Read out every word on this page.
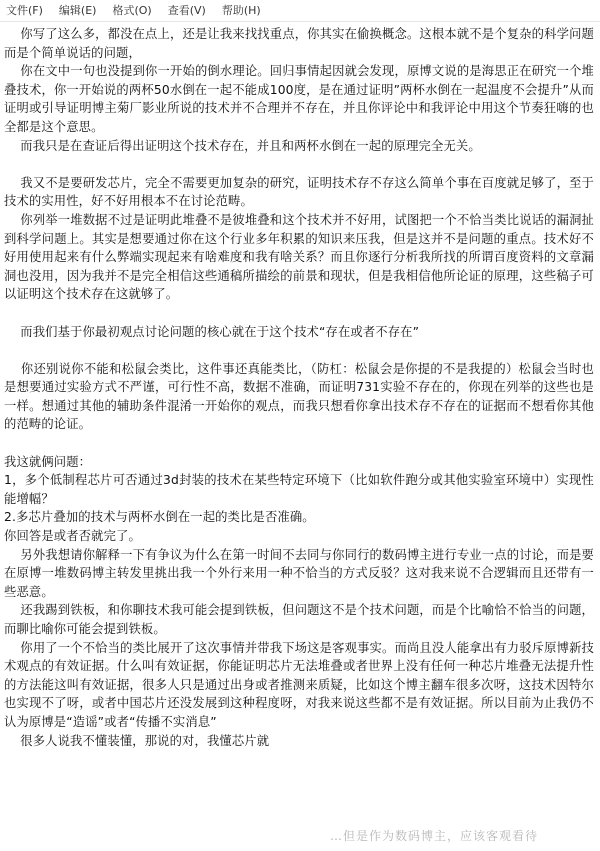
文件(F) 编辑(E) 格式(O) 查看(V) 帮助(H)
你写了这么多，都没在点上，还是让我来找找重点，你其实在偷换概念。这根本就不是个复杂的科学问题而是个简单说话的问题，
你在文中一句也没提到你一开始的倒水理论。回归事情起因就会发现，原博文说的是海思正在研究一个堆叠技术，你一开始说的两杯50水倒在一起不能成100度，是在通过证明”两杯水倒在一起温度不会提升”从而证明或引导证明博主菊厂影业所说的技术并不合理并不存在，并且你评论中和我评论中用这个节奏狂嗨的也全都是这个意思。
而我只是在查证后得出证明这个技术存在，并且和两杯水倒在一起的原理完全无关。
我又不是要研发芯片，完全不需要更加复杂的研究，证明技术存不存这么简单个事在百度就足够了，至于技术的实用性，好不好用根本不在讨论范畴。
你列举一堆数据不过是证明此堆叠不是彼堆叠和这个技术并不好用，试图把一个不恰当类比说话的漏洞扯到科学问题上。其实是想要通过你在这个行业多年积累的知识来压我，但是这并不是问题的重点。技术好不好用使用起来有什么弊端实现起来有啥难度和我有啥关系？而且你逐行分析我所找的所谓百度资料的文章漏洞也没用，因为我并不是完全相信这些通稿所描绘的前景和现状，但是我相信他所论证的原理，这些稿子可以证明这个技术存在这就够了。
而我们基于你最初观点讨论问题的核心就在于这个技术“存在或者不存在”
你还别说你不能和松鼠会类比，这件事还真能类比，（防杠：松鼠会是你提的不是我提的）松鼠会当时也是想要通过实验方式不严谨，可行性不高，数据不准确，而证明731实验不存在的，你现在列举的这些也是一样。想通过其他的辅助条件混淆一开始你的观点，而我只想看你拿出技术存不存在的证据而不想看你其他的范畴的论证。
我这就俩问题：
1，多个低制程芯片可否通过3d封装的技术在某些特定环境下（比如软件跑分或其他实验室环境中）实现性能增幅？
2.多芯片叠加的技术与两杯水倒在一起的类比是否准确。
你回答是或者否就完了。
另外我想请你解释一下有争议为什么在第一时间不去同与你同行的数码博主进行专业一点的讨论，而是要在原博一堆数码博主转发里挑出我一个外行来用一种不恰当的方式反驳？这对我来说不合逻辑而且还带有一些恶意。
还我踢到铁板，和你聊技术我可能会提到铁板，但问题这不是个技术问题，而是个比喻恰不恰当的问题，而聊比喻你可能会提到铁板。
你用了一个不恰当的类比展开了这次事情并带我下场这是客观事实。而尚且没人能拿出有力驳斥原博新技术观点的有效证据。什么叫有效证据，你能证明芯片无法堆叠或者世界上没有任何一种芯片堆叠无法提升性的方法能这叫有效证据，很多人只是通过出身或者推测来质疑，比如这个博主翻车很多次呀，这技术因特尔也实现不了呀，或者中国芯片还没发展到这种程度呀，对我来说这些都不是有效证据。所以目前为止我仍不认为原博是“造谣”或者“传播不实消息”
很多人说我不懂装懂，那说的对，我懂芯片就
…但是作为数码博主，应该客观看待
